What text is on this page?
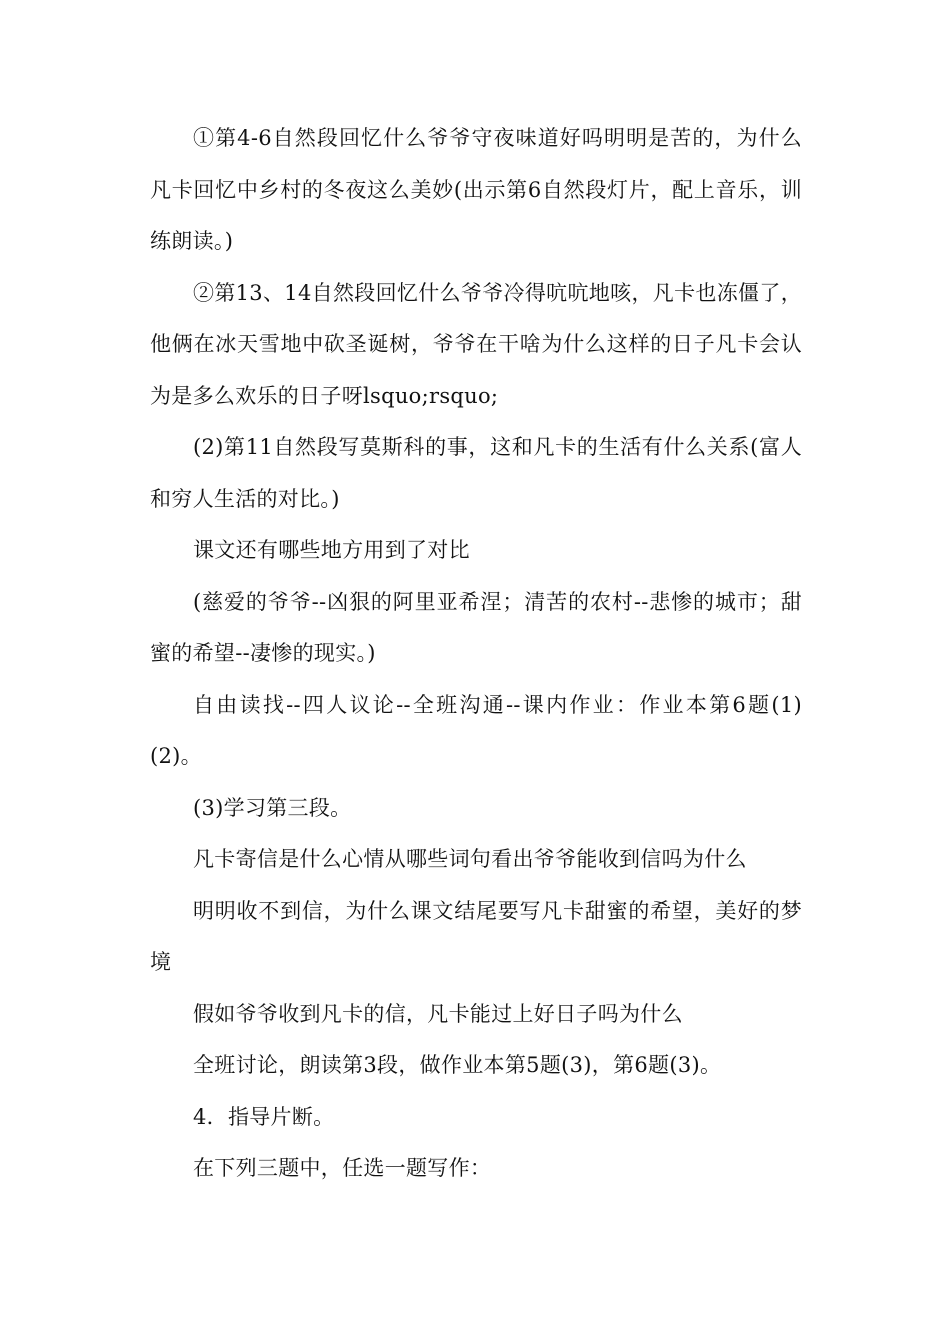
①第4-6自然段回忆什么爷爷守夜味道好吗明明是苦的，为什么凡卡回忆中乡村的冬夜这么美妙(出示第6自然段灯片，配上音乐，训练朗读。)

②第13、14自然段回忆什么爷爷冷得吭吭地咳，凡卡也冻僵了，他俩在冰天雪地中砍圣诞树，爷爷在干啥为什么这样的日子凡卡会认为是多么欢乐的日子呀lsquo;rsquo;

(2)第11自然段写莫斯科的事，这和凡卡的生活有什么关系(富人和穷人生活的对比。)

课文还有哪些地方用到了对比

(慈爱的爷爷--凶狠的阿里亚希涅；清苦的农村--悲惨的城市；甜蜜的希望--凄惨的现实。)

自由读找--四人议论--全班沟通--课内作业：作业本第6题(1)(2)。

(3)学习第三段。

凡卡寄信是什么心情从哪些词句看出爷爷能收到信吗为什么

明明收不到信，为什么课文结尾要写凡卡甜蜜的希望，美好的梦境

假如爷爷收到凡卡的信，凡卡能过上好日子吗为什么

全班讨论，朗读第3段，做作业本第5题(3)，第6题(3)。

4．指导片断。

在下列三题中，任选一题写作：
